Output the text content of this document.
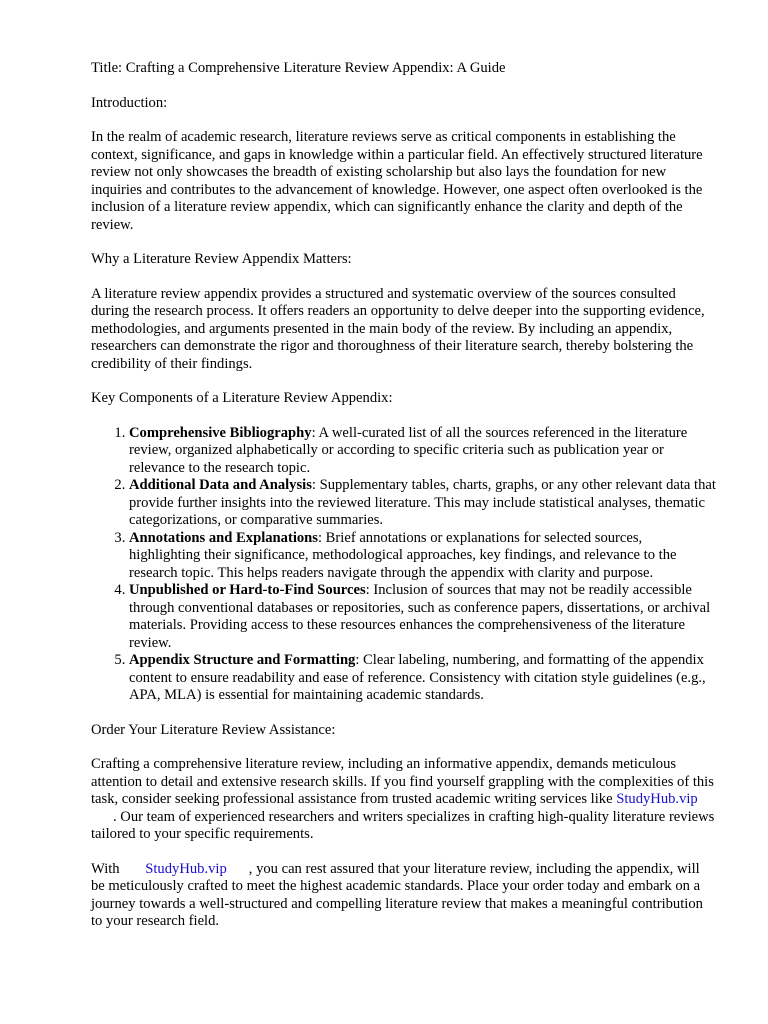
Title: Crafting a Comprehensive Literature Review Appendix: A Guide

Introduction:

In the realm of academic research, literature reviews serve as critical components in establishing the context, significance, and gaps in knowledge within a particular field. An effectively structured literature review not only showcases the breadth of existing scholarship but also lays the foundation for new inquiries and contributes to the advancement of knowledge. However, one aspect often overlooked is the inclusion of a literature review appendix, which can significantly enhance the clarity and depth of the review.

Why a Literature Review Appendix Matters:

A literature review appendix provides a structured and systematic overview of the sources consulted during the research process. It offers readers an opportunity to delve deeper into the supporting evidence, methodologies, and arguments presented in the main body of the review. By including an appendix, researchers can demonstrate the rigor and thoroughness of their literature search, thereby bolstering the credibility of their findings.

Key Components of a Literature Review Appendix:

1. Comprehensive Bibliography: A well-curated list of all the sources referenced in the literature review, organized alphabetically or according to specific criteria such as publication year or relevance to the research topic.
2. Additional Data and Analysis: Supplementary tables, charts, graphs, or any other relevant data that provide further insights into the reviewed literature. This may include statistical analyses, thematic categorizations, or comparative summaries.
3. Annotations and Explanations: Brief annotations or explanations for selected sources, highlighting their significance, methodological approaches, key findings, and relevance to the research topic. This helps readers navigate through the appendix with clarity and purpose.
4. Unpublished or Hard-to-Find Sources: Inclusion of sources that may not be readily accessible through conventional databases or repositories, such as conference papers, dissertations, or archival materials. Providing access to these resources enhances the comprehensiveness of the literature review.
5. Appendix Structure and Formatting: Clear labeling, numbering, and formatting of the appendix content to ensure readability and ease of reference. Consistency with citation style guidelines (e.g., APA, MLA) is essential for maintaining academic standards.

Order Your Literature Review Assistance:

Crafting a comprehensive literature review, including an informative appendix, demands meticulous attention to detail and extensive research skills. If you find yourself grappling with the complexities of this task, consider seeking professional assistance from trusted academic writing services like StudyHub.vip. Our team of experienced researchers and writers specializes in crafting high-quality literature reviews tailored to your specific requirements.

With StudyHub.vip , you can rest assured that your literature review, including the appendix, will be meticulously crafted to meet the highest academic standards. Place your order today and embark on a journey towards a well-structured and compelling literature review that makes a meaningful contribution to your research field.
